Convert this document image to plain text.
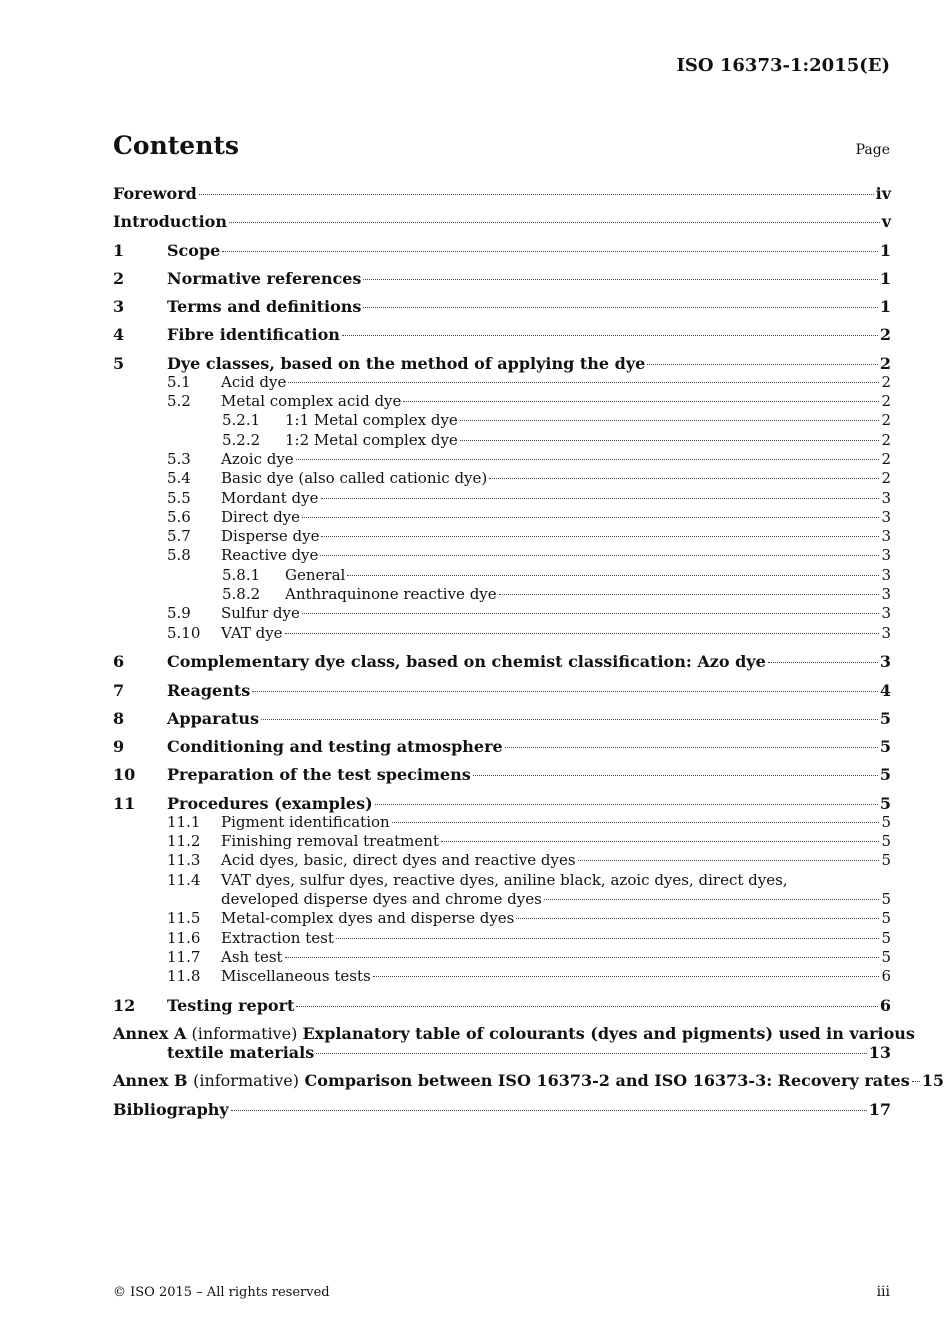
ISO 16373-1:2015(E)
Contents	Page
Foreword	iv
Introduction	v
1	Scope	1
2	Normative references	1
3	Terms and definitions	1
4	Fibre identification	2
5	Dye classes, based on the method of applying the dye	2
5.1	Acid dye	2
5.2	Metal complex acid dye	2
5.2.1	1:1 Metal complex dye	2
5.2.2	1:2 Metal complex dye	2
5.3	Azoic dye	2
5.4	Basic dye (also called cationic dye)	2
5.5	Mordant dye	3
5.6	Direct dye	3
5.7	Disperse dye	3
5.8	Reactive dye	3
5.8.1	General	3
5.8.2	Anthraquinone reactive dye	3
5.9	Sulfur dye	3
5.10	VAT dye	3
6	Complementary dye class, based on chemist classification: Azo dye	3
7	Reagents	4
8	Apparatus	5
9	Conditioning and testing atmosphere	5
10	Preparation of the test specimens	5
11	Procedures (examples)	5
11.1	Pigment identification	5
11.2	Finishing removal treatment	5
11.3	Acid dyes, basic, direct dyes and reactive dyes	5
11.4	VAT dyes, sulfur dyes, reactive dyes, aniline black, azoic dyes, direct dyes,
developed disperse dyes and chrome dyes	5
11.5	Metal-complex dyes and disperse dyes	5
11.6	Extraction test	5
11.7	Ash test	5
11.8	Miscellaneous tests	6
12	Testing report	6
Annex A (informative) Explanatory table of colourants (dyes and pigments) used in various
textile materials	13
Annex B (informative) Comparison between ISO 16373-2 and ISO 16373-3: Recovery rates 15
Bibliography	17
© ISO 2015 – All rights reserved	iii
